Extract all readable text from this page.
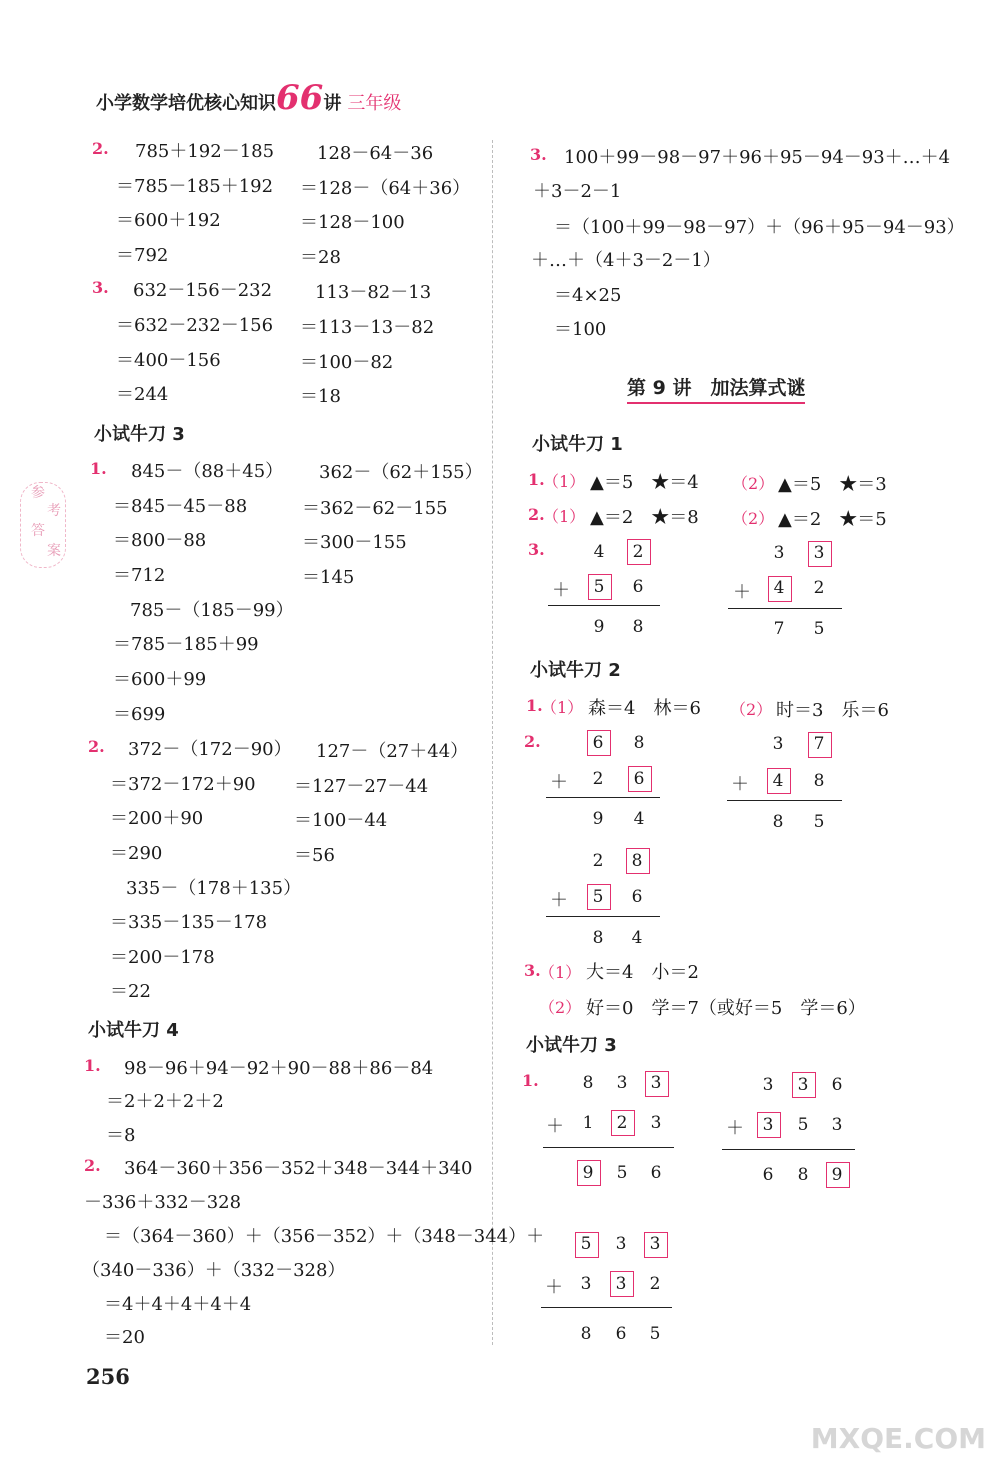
小学数学培优核心知识66讲 三年级
参
考
答
案
2. 785＋192－185
＝785－185＋192
＝600＋192
＝792
128－64－36
＝128－（64＋36）
＝128－100
＝28
3. 632－156－232
＝632－232－156
＝400－156
＝244
113－82－13
＝113－13－82
＝100－82
＝18
小试牛刀 3
1. 845－（88＋45）
＝845－45－88
＝800－88
＝712
362－（62＋155）
＝362－62－155
＝300－155
＝145
785－（185－99）
＝785－185＋99
＝600＋99
＝699
2. 372－（172－90）
＝372－172＋90
＝200＋90
＝290
127－（27＋44）
＝127－27－44
＝100－44
＝56
335－（178＋135）
＝335－135－178
＝200－178
＝22
小试牛刀 4
1. 98－96＋94－92＋90－88＋86－84
＝2＋2＋2＋2
＝8
2. 364－360＋356－352＋348－344＋340
－336＋332－328
＝（364－360）＋（356－352）＋（348－344）＋
（340－336）＋（332－328）
＝4＋4＋4＋4＋4
＝20
3. 100＋99－98－97＋96＋95－94－93＋…＋4
＋3－2－1
＝（100＋99－98－97）＋（96＋95－94－93）
＋…＋（4＋3－2－1）
＝4×25
＝100
第 9 讲　加法算式谜
小试牛刀 1
1.
（1） ▲＝5　★＝4 （2） ▲＝5　★＝3
2.
（1） ▲＝2　★＝8 （2） ▲＝2　★＝5
3.	4	2
＋	5	6
9	8
3	3
＋	4	2
7	5
小试牛刀 2
1.
（1） 森＝4　林＝6 （2） 时＝3　乐＝6
2.	6	8
＋	2	6
9	4
3	7
＋	4	8
8	5
2	8
＋	5	6
8	4
3.
（1） 大＝4　小＝2
（2） 好＝0　学＝7（或好＝5　学＝6）
小试牛刀 3
1.	8	3	3
＋	1	2	3
9	5	6
3	3	6
＋	3	5	3
6	8	9
5	3	3
＋	3	3	2
8	6	5
256
MXQE.COM
